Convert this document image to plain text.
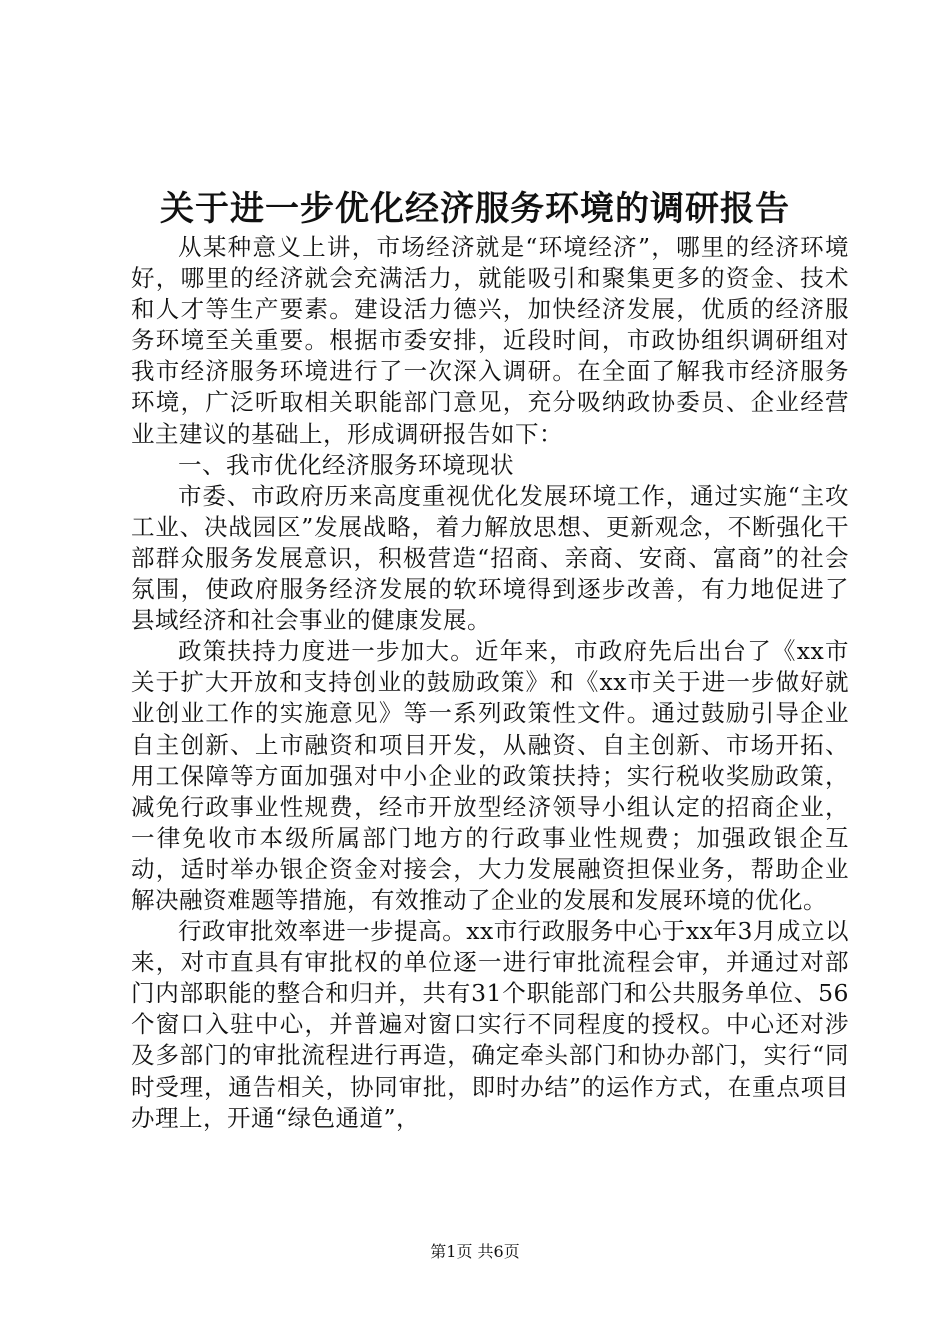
关于进一步优化经济服务环境的调研报告

从某种意义上讲，市场经济就是“环境经济”，哪里的经济环境好，哪里的经济就会充满活力，就能吸引和聚集更多的资金、技术和人才等生产要素。建设活力德兴，加快经济发展，优质的经济服务环境至关重要。根据市委安排，近段时间，市政协组织调研组对我市经济服务环境进行了一次深入调研。在全面了解我市经济服务环境，广泛听取相关职能部门意见，充分吸纳政协委员、企业经营业主建议的基础上，形成调研报告如下：

一、我市优化经济服务环境现状

市委、市政府历来高度重视优化发展环境工作，通过实施“主攻工业、决战园区”发展战略，着力解放思想、更新观念，不断强化干部群众服务发展意识，积极营造“招商、亲商、安商、富商”的社会氛围，使政府服务经济发展的软环境得到逐步改善，有力地促进了县域经济和社会事业的健康发展。

政策扶持力度进一步加大。近年来，市政府先后出台了《xx市关于扩大开放和支持创业的鼓励政策》和《xx市关于进一步做好就业创业工作的实施意见》等一系列政策性文件。通过鼓励引导企业自主创新、上市融资和项目开发，从融资、自主创新、市场开拓、用工保障等方面加强对中小企业的政策扶持；实行税收奖励政策，减免行政事业性规费，经市开放型经济领导小组认定的招商企业，一律免收市本级所属部门地方的行政事业性规费；加强政银企互动，适时举办银企资金对接会，大力发展融资担保业务，帮助企业解决融资难题等措施，有效推动了企业的发展和发展环境的优化。

行政审批效率进一步提高。xx市行政服务中心于xx年3月成立以来，对市直具有审批权的单位逐一进行审批流程会审，并通过对部门内部职能的整合和归并，共有31个职能部门和公共服务单位、56个窗口入驻中心，并普遍对窗口实行不同程度的授权。中心还对涉及多部门的审批流程进行再造，确定牵头部门和协办部门，实行“同时受理，通告相关，协同审批，即时办结”的运作方式，在重点项目办理上，开通“绿色通道”，

第1页 共6页
